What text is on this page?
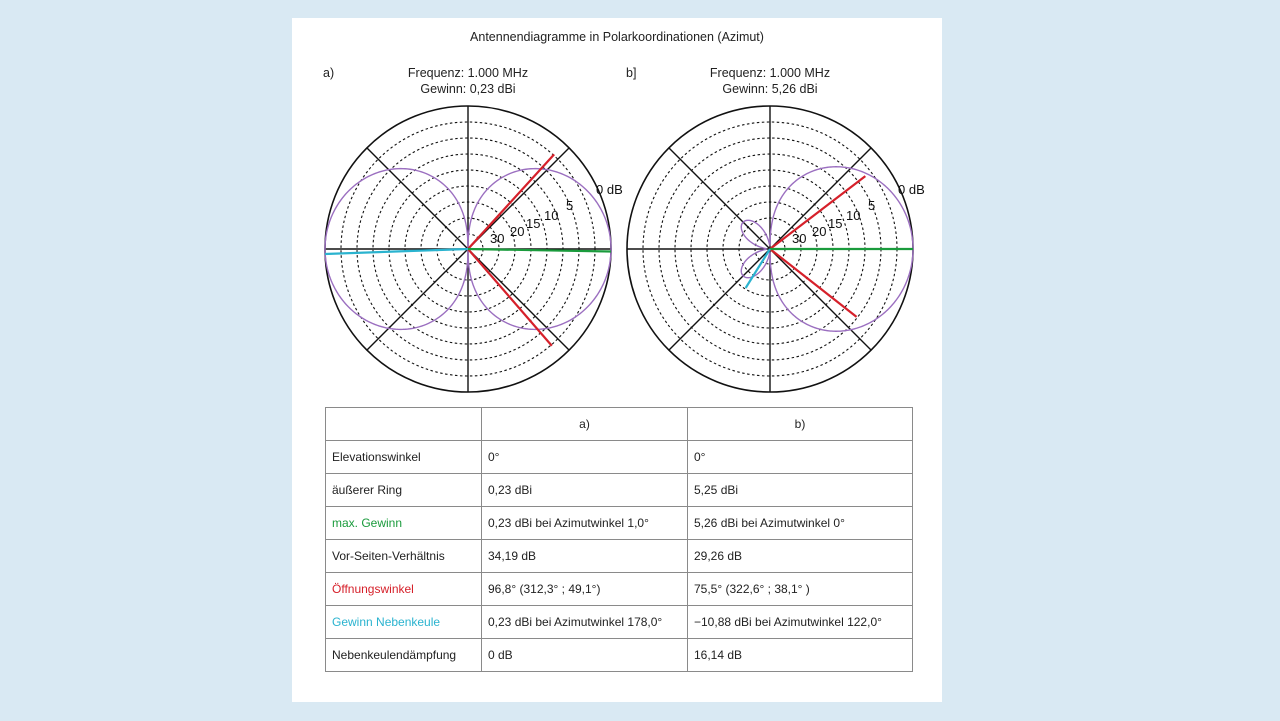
Antennendiagramme in Polarkoordinationen (Azimut)
a)	Frequenz: 1.000 MHz
Gewinn: 0,23 dBi
b]	Frequenz: 1.000 MHz
Gewinn: 5,26 dBi
0 dB
5
10
15
20
30
0 dB
5
10
15
20
30
	a)	b)
Elevationswinkel	0°	0°
äußerer Ring	0,23 dBi	5,25 dBi
max. Gewinn	0,23 dBi bei Azimutwinkel 1,0°	5,26 dBi bei Azimutwinkel 0°
Vor-Seiten-Verhältnis	34,19 dB	29,26 dB
Öffnungswinkel	96,8° (312,3° ; 49,1°)	75,5° (322,6° ; 38,1° )
Gewinn Nebenkeule	0,23 dBi bei Azimutwinkel 178,0°	−10,88 dBi bei Azimutwinkel 122,0°
Nebenkeulendämpfung	0 dB	16,14 dB
